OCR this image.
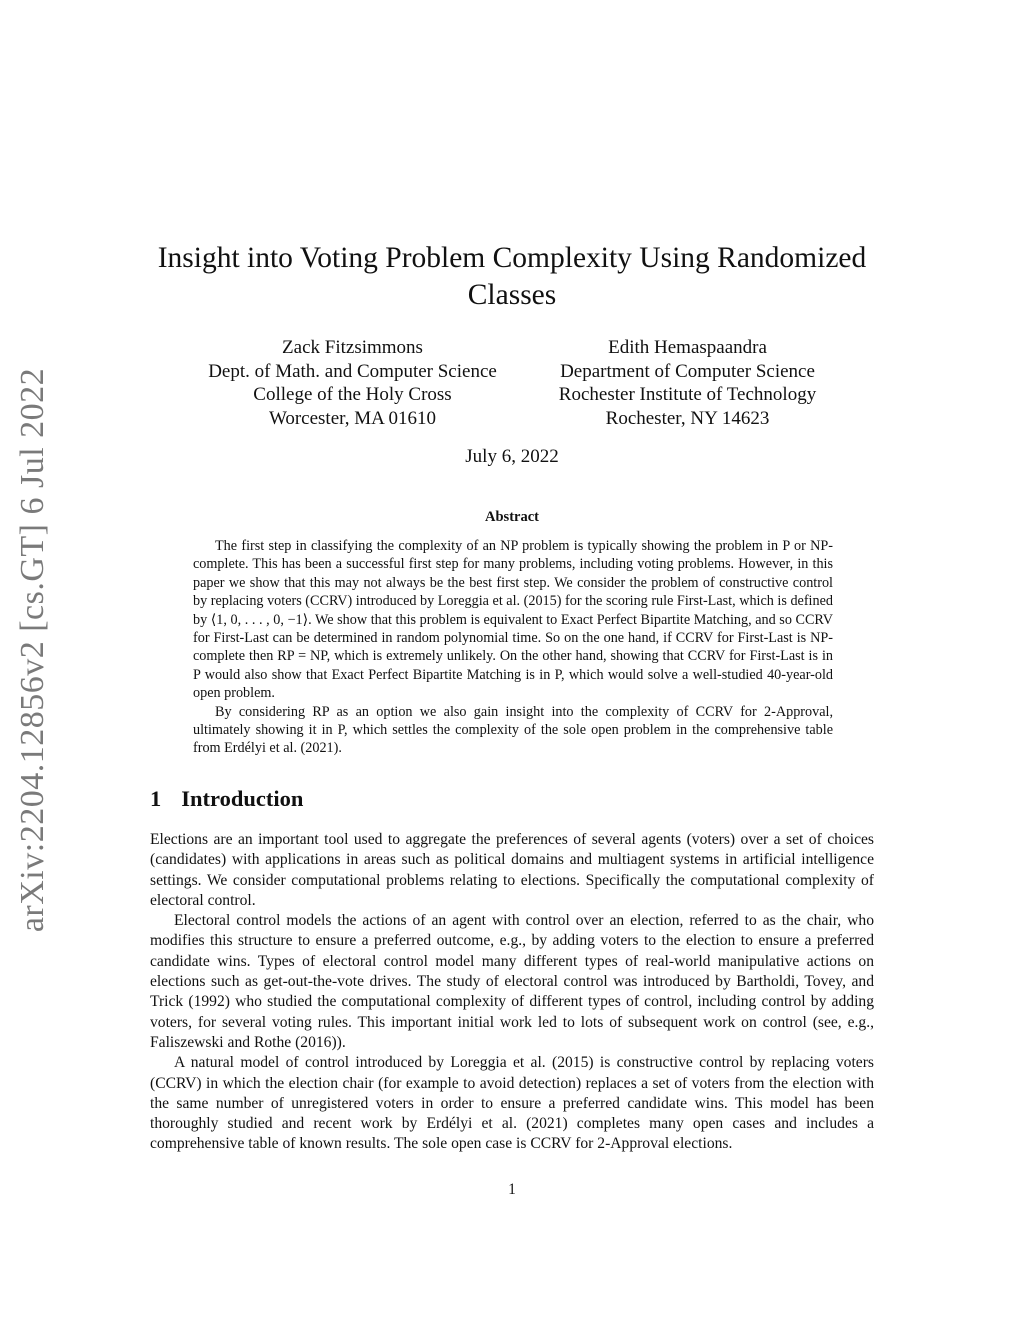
arXiv:2204.12856v2 [cs.GT] 6 Jul 2022
Insight into Voting Problem Complexity Using Randomized Classes
Zack Fitzsimmons
Dept. of Math. and Computer Science
College of the Holy Cross
Worcester, MA 01610
Edith Hemaspaandra
Department of Computer Science
Rochester Institute of Technology
Rochester, NY 14623
July 6, 2022
Abstract

The first step in classifying the complexity of an NP problem is typically showing the problem in P or NP-complete. This has been a successful first step for many problems, including voting problems. However, in this paper we show that this may not always be the best first step. We consider the problem of constructive control by replacing voters (CCRV) introduced by Loreggia et al. (2015) for the scoring rule First-Last, which is defined by ⟨1, 0, . . . , 0, −1⟩. We show that this problem is equivalent to Exact Perfect Bipartite Matching, and so CCRV for First-Last can be determined in random polynomial time. So on the one hand, if CCRV for First-Last is NP-complete then RP = NP, which is extremely unlikely. On the other hand, showing that CCRV for First-Last is in P would also show that Exact Perfect Bipartite Matching is in P, which would solve a well-studied 40-year-old open problem.

By considering RP as an option we also gain insight into the complexity of CCRV for 2-Approval, ultimately showing it in P, which settles the complexity of the sole open problem in the comprehensive table from Erdélyi et al. (2021).

1 Introduction

Elections are an important tool used to aggregate the preferences of several agents (voters) over a set of choices (candidates) with applications in areas such as political domains and multiagent systems in artificial intelligence settings. We consider computational problems relating to elections. Specifically the computational complexity of electoral control.

Electoral control models the actions of an agent with control over an election, referred to as the chair, who modifies this structure to ensure a preferred outcome, e.g., by adding voters to the election to ensure a preferred candidate wins. Types of electoral control model many different types of real-world manipulative actions on elections such as get-out-the-vote drives. The study of electoral control was introduced by Bartholdi, Tovey, and Trick (1992) who studied the computational complexity of different types of control, including control by adding voters, for several voting rules. This important initial work led to lots of subsequent work on control (see, e.g., Faliszewski and Rothe (2016)).

A natural model of control introduced by Loreggia et al. (2015) is constructive control by replacing voters (CCRV) in which the election chair (for example to avoid detection) replaces a set of voters from the election with the same number of unregistered voters in order to ensure a preferred candidate wins. This model has been thoroughly studied and recent work by Erdélyi et al. (2021) completes many open cases and includes a comprehensive table of known results. The sole open case is CCRV for 2-Approval elections.

1
